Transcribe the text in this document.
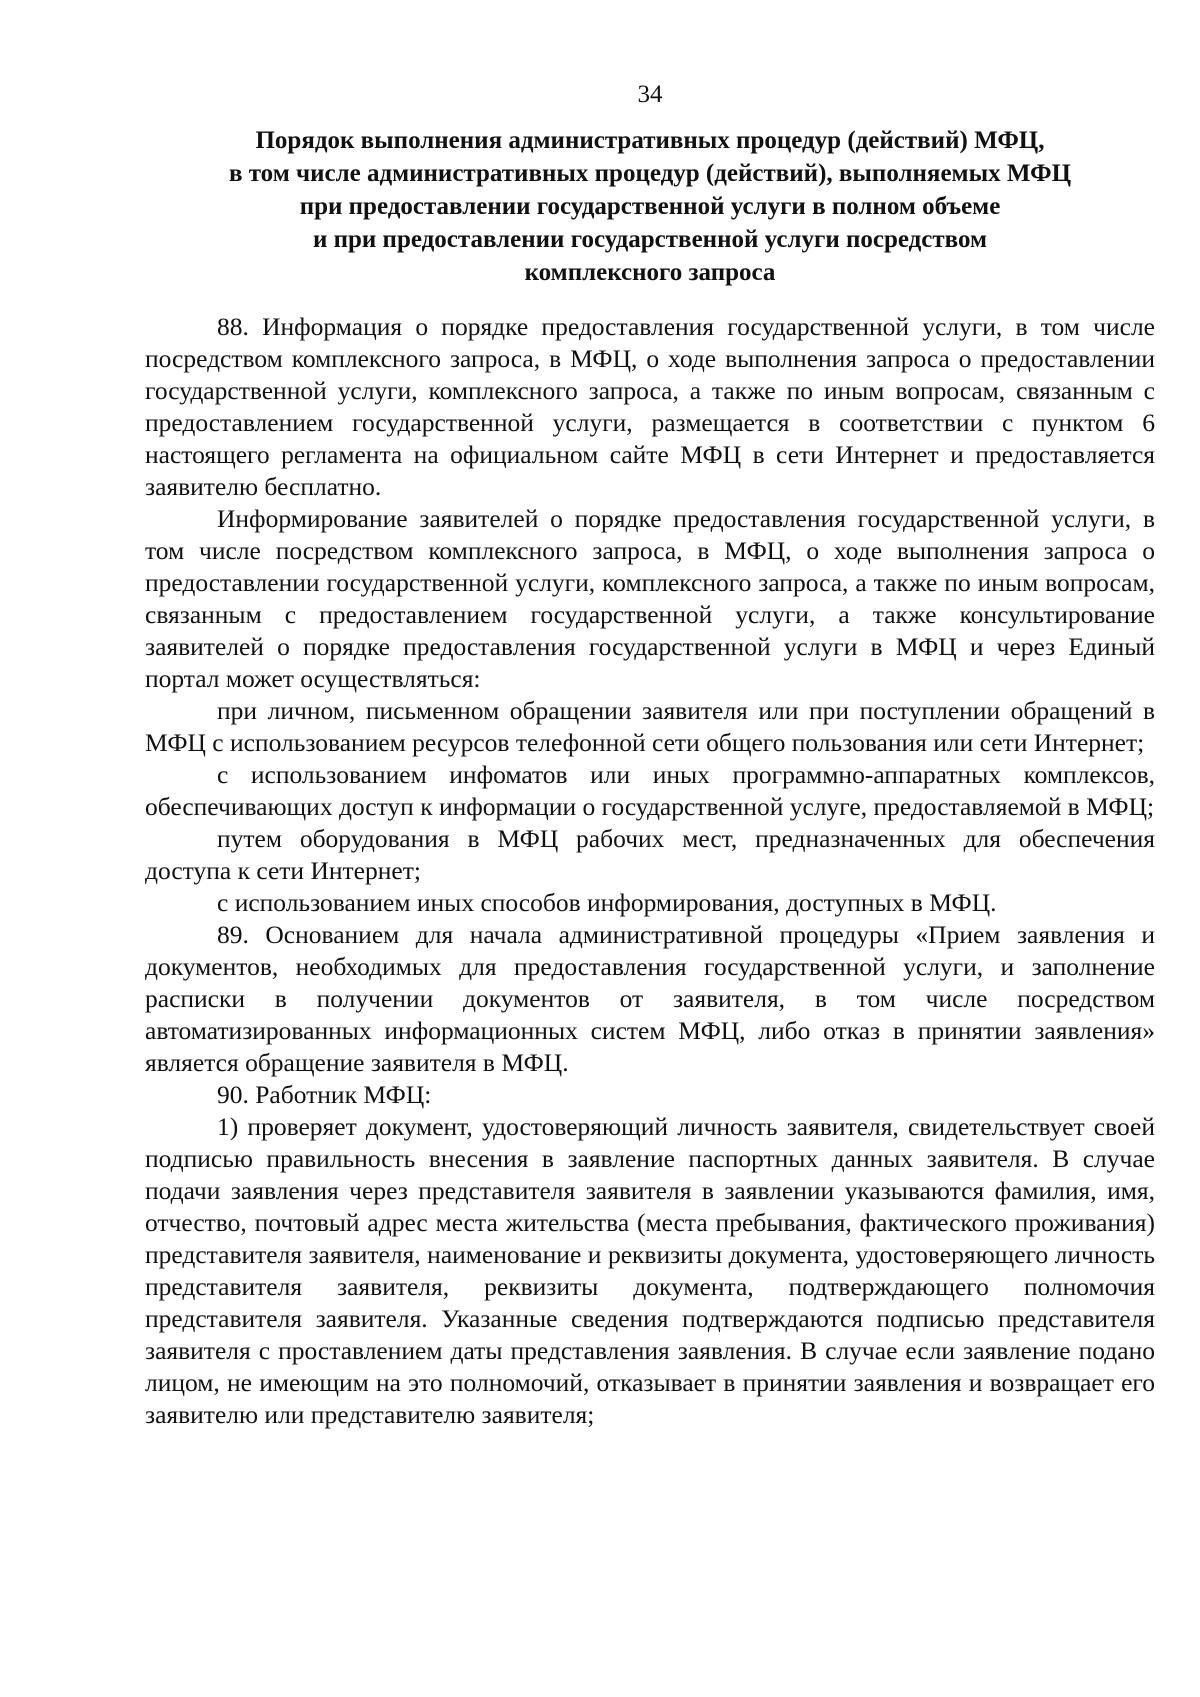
34
Порядок выполнения административных процедур (действий) МФЦ,
в том числе административных процедур (действий), выполняемых МФЦ
при предоставлении государственной услуги в полном объеме
и при предоставлении государственной услуги посредством
комплексного запроса

88. Информация о порядке предоставления государственной услуги, в том числе посредством комплексного запроса, в МФЦ, о ходе выполнения запроса о предоставлении государственной услуги, комплексного запроса, а также по иным вопросам, связанным с предоставлением государственной услуги, размещается в соответствии с пунктом 6 настоящего регламента на официальном сайте МФЦ в сети Интернет и предоставляется заявителю бесплатно.

Информирование заявителей о порядке предоставления государственной услуги, в том числе посредством комплексного запроса, в МФЦ, о ходе выполнения запроса о предоставлении государственной услуги, комплексного запроса, а также по иным вопросам, связанным с предоставлением государственной услуги, а также консультирование заявителей о порядке предоставления государственной услуги в МФЦ и через Единый портал может осуществляться:

при личном, письменном обращении заявителя или при поступлении обращений в МФЦ с использованием ресурсов телефонной сети общего пользования или сети Интернет;

с использованием инфоматов или иных программно-аппаратных комплексов, обеспечивающих доступ к информации о государственной услуге, предоставляемой в МФЦ;

путем оборудования в МФЦ рабочих мест, предназначенных для обеспечения доступа к сети Интернет;

с использованием иных способов информирования, доступных в МФЦ.

89. Основанием для начала административной процедуры «Прием заявления и документов, необходимых для предоставления государственной услуги, и заполнение расписки в получении документов от заявителя, в том числе посредством автоматизированных информационных систем МФЦ, либо отказ в принятии заявления» является обращение заявителя в МФЦ.

90. Работник МФЦ:

1) проверяет документ, удостоверяющий личность заявителя, свидетельствует своей подписью правильность внесения в заявление паспортных данных заявителя. В случае подачи заявления через представителя заявителя в заявлении указываются фамилия, имя, отчество, почтовый адрес места жительства (места пребывания, фактического проживания) представителя заявителя, наименование и реквизиты документа, удостоверяющего личность представителя заявителя, реквизиты документа, подтверждающего полномочия представителя заявителя. Указанные сведения подтверждаются подписью представителя заявителя с проставлением даты представления заявления. В случае если заявление подано лицом, не имеющим на это полномочий, отказывает в принятии заявления и возвращает его заявителю или представителю заявителя;
